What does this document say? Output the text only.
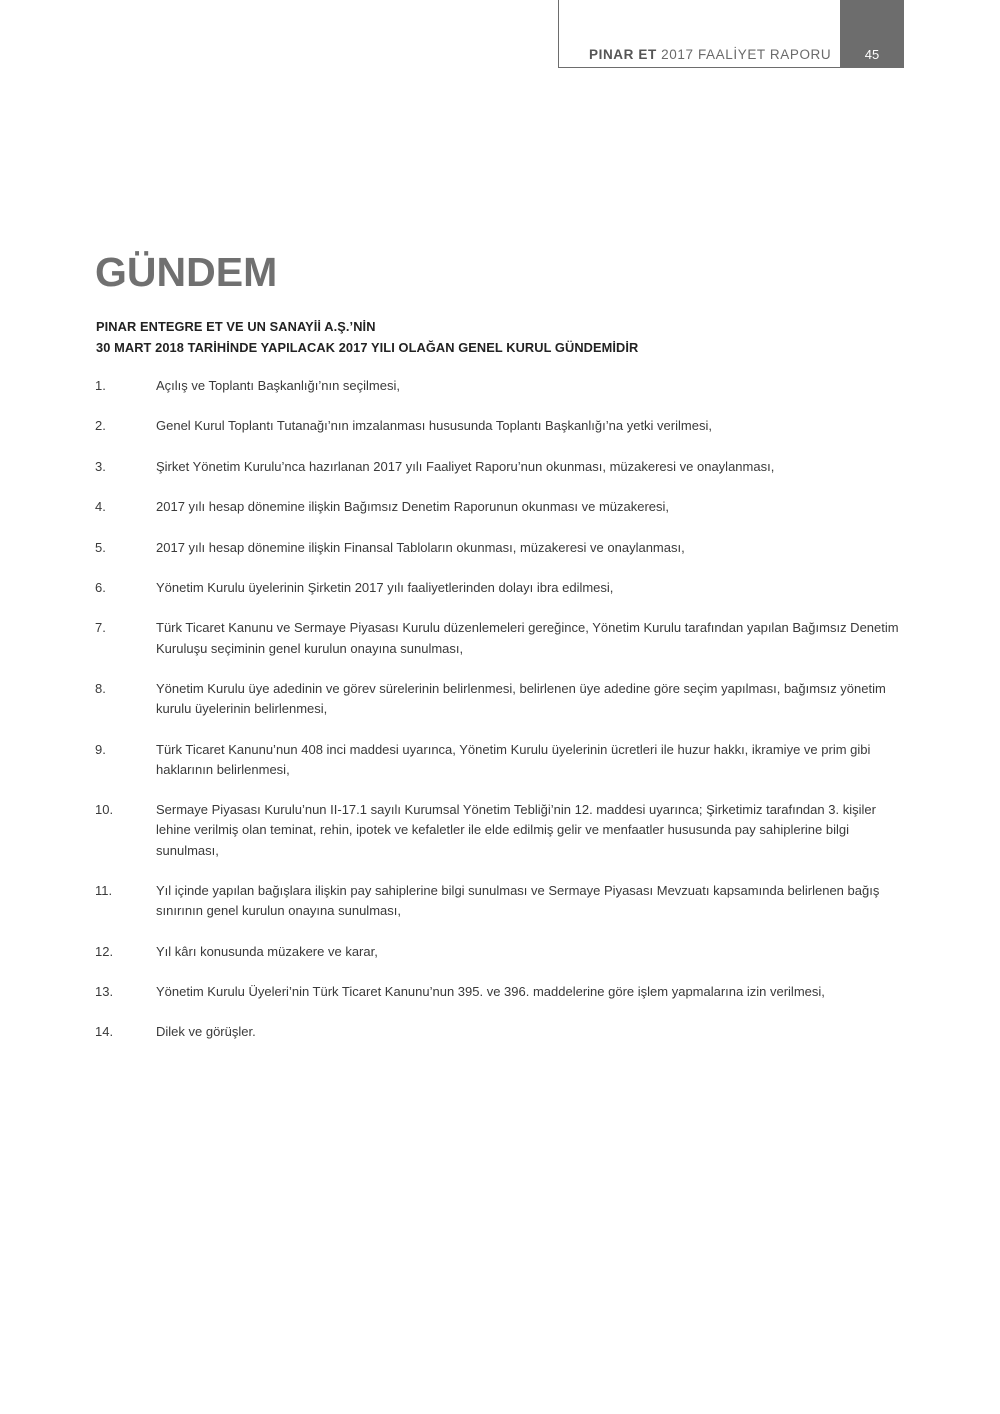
PINAR ET 2017 FAALİYET RAPORU	45
GÜNDEM
PINAR ENTEGRE ET VE UN SANAYİİ A.Ş.’NİN
30 MART 2018 TARİHİNDE YAPILACAK 2017 YILI OLAĞAN GENEL KURUL GÜNDEMİDİR
1.	Açılış ve Toplantı Başkanlığı’nın seçilmesi,
2.	Genel Kurul Toplantı Tutanağı’nın imzalanması hususunda Toplantı Başkanlığı’na yetki verilmesi,
3.	Şirket Yönetim Kurulu’nca hazırlanan 2017 yılı Faaliyet Raporu’nun okunması, müzakeresi ve onaylanması,
4.	2017 yılı hesap dönemine ilişkin Bağımsız Denetim Raporunun okunması ve müzakeresi,
5.	2017 yılı hesap dönemine ilişkin Finansal Tabloların okunması, müzakeresi ve onaylanması,
6.	Yönetim Kurulu üyelerinin Şirketin 2017 yılı faaliyetlerinden dolayı ibra edilmesi,
7.	Türk Ticaret Kanunu ve Sermaye Piyasası Kurulu düzenlemeleri gereğince, Yönetim Kurulu tarafından yapılan Bağımsız Denetim Kuruluşu seçiminin genel kurulun onayına sunulması,
8.	Yönetim Kurulu üye adedinin ve görev sürelerinin belirlenmesi, belirlenen üye adedine göre seçim yapılması, bağımsız yönetim kurulu üyelerinin belirlenmesi,
9.	Türk Ticaret Kanunu’nun 408 inci maddesi uyarınca, Yönetim Kurulu üyelerinin ücretleri ile huzur hakkı, ikramiye ve prim gibi haklarının belirlenmesi,
10.	Sermaye Piyasası Kurulu’nun II-17.1 sayılı Kurumsal Yönetim Tebliği’nin 12. maddesi uyarınca; Şirketimiz tarafından 3. kişiler lehine verilmiş olan teminat, rehin, ipotek ve kefaletler ile elde edilmiş gelir ve menfaatler hususunda pay sahiplerine bilgi sunulması,
11.	Yıl içinde yapılan bağışlara ilişkin pay sahiplerine bilgi sunulması ve Sermaye Piyasası Mevzuatı kapsamında belirlenen bağış sınırının genel kurulun onayına sunulması,
12.	Yıl kârı konusunda müzakere ve karar,
13.	Yönetim Kurulu Üyeleri’nin Türk Ticaret Kanunu’nun 395. ve 396. maddelerine göre işlem yapmalarına izin verilmesi,
14.	Dilek ve görüşler.
